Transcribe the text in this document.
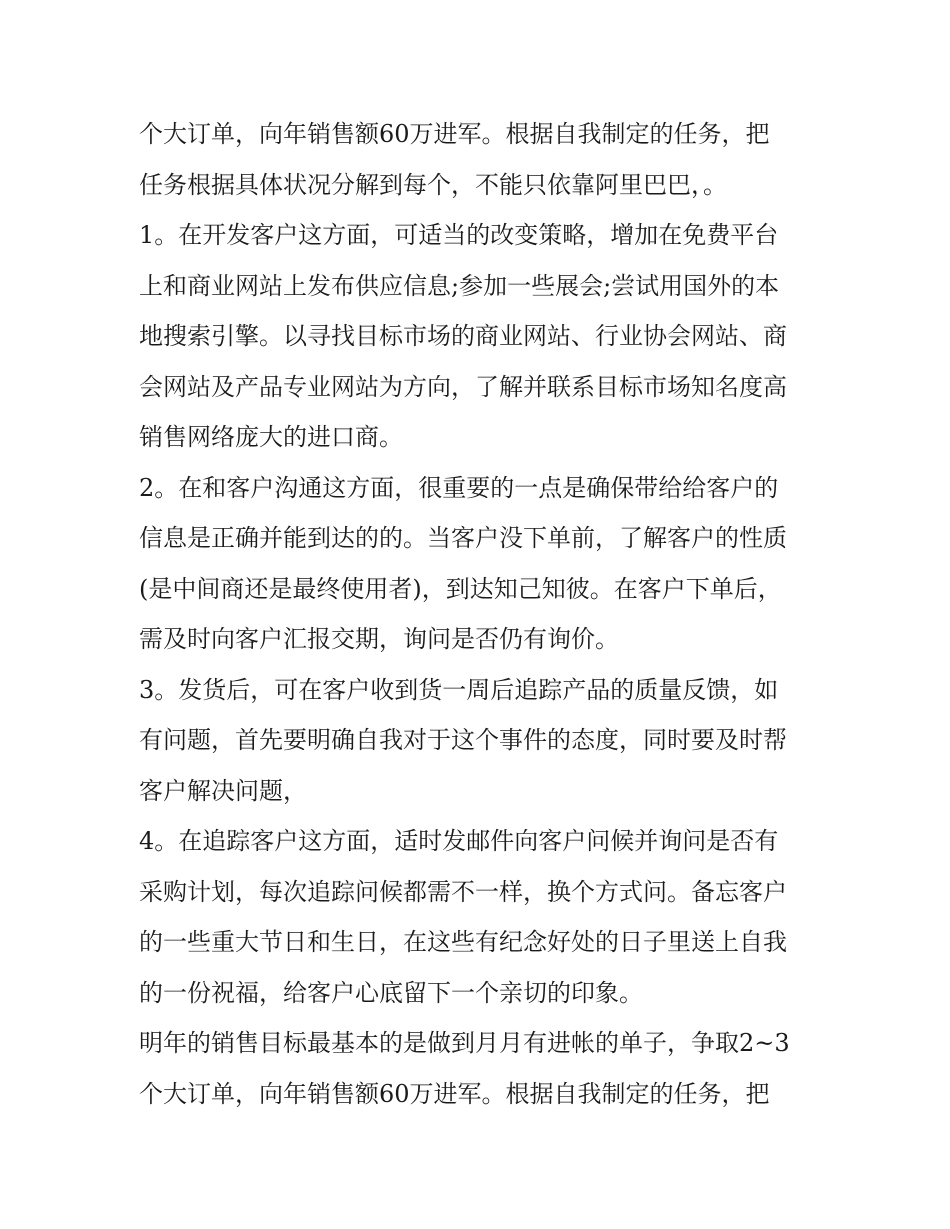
个大订单，向年销售额60万进军。根据自我制定的任务，把
任务根据具体状况分解到每个，不能只依靠阿里巴巴，。

1。在开发客户这方面，可适当的改变策略，增加在免费平台
上和商业网站上发布供应信息;参加一些展会;尝试用国外的本
地搜索引擎。以寻找目标市场的商业网站、行业协会网站、商
会网站及产品专业网站为方向，了解并联系目标市场知名度高
销售网络庞大的进口商。

2。在和客户沟通这方面，很重要的一点是确保带给给客户的
信息是正确并能到达的的。当客户没下单前，了解客户的性质
(是中间商还是最终使用者)，到达知己知彼。在客户下单后，
需及时向客户汇报交期，询问是否仍有询价。

3。发货后，可在客户收到货一周后追踪产品的质量反馈，如
有问题，首先要明确自我对于这个事件的态度，同时要及时帮
客户解决问题，

4。在追踪客户这方面，适时发邮件向客户问候并询问是否有
采购计划，每次追踪问候都需不一样，换个方式问。备忘客户
的一些重大节日和生日，在这些有纪念好处的日子里送上自我
的一份祝福，给客户心底留下一个亲切的印象。

明年的销售目标最基本的是做到月月有进帐的单子，争取2~3
个大订单，向年销售额60万进军。根据自我制定的任务，把
